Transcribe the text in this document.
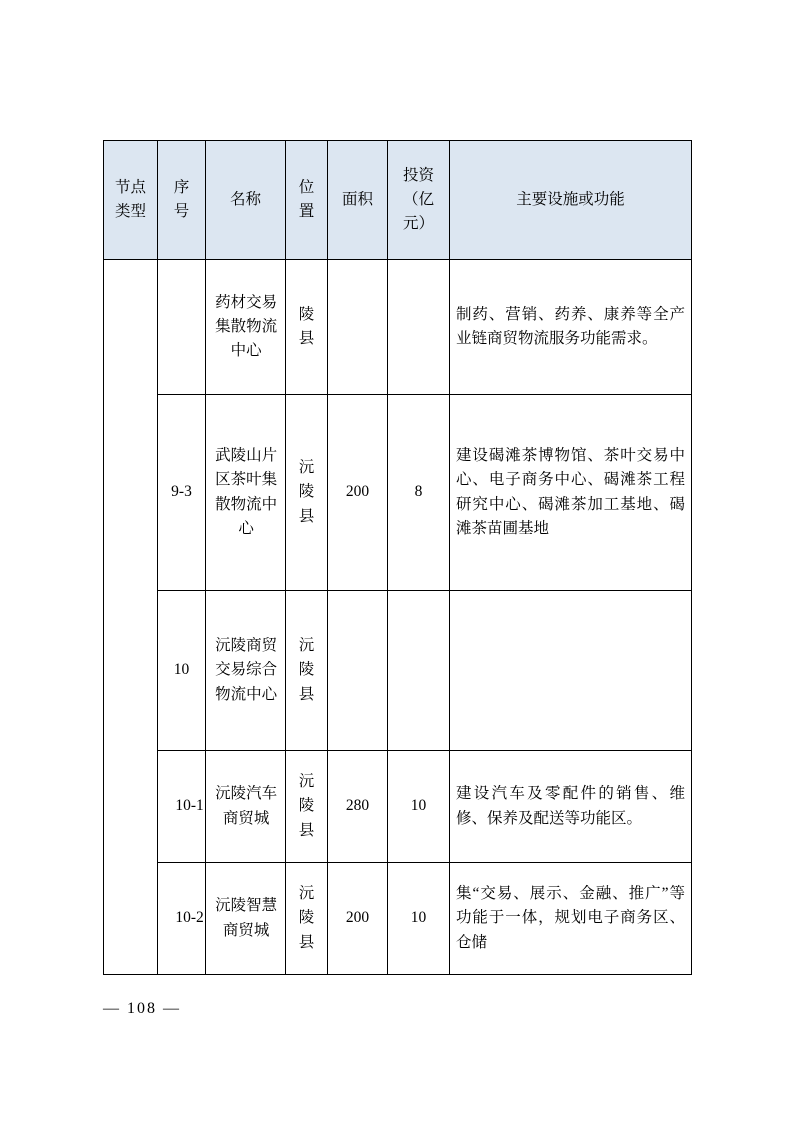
节点类型	序号	名称	位置	面积	投资（亿元）	主要设施或功能

		药材交易集散物流中心	陵县			制药、营销、药养、康养等全产业链商贸物流服务功能需求。
	9-3	武陵山片区茶叶集散物流中心	沅陵县	200	8	建设碣滩茶博物馆、茶叶交易中心、电子商务中心、碣滩茶工程研究中心、碣滩茶加工基地、碣滩茶苗圃基地
	10	沅陵商贸交易综合物流中心	沅陵县			

	10-1	沅陵汽车商贸城	沅陵县	280	10	建设汽车及零配件的销售、维修、保养及配送等功能区。

	10-2	沅陵智慧商贸城	沅陵县	200	10	集“交易、展示、金融、推广”等功能于一体，规划电子商务区、仓储
— 108 —
